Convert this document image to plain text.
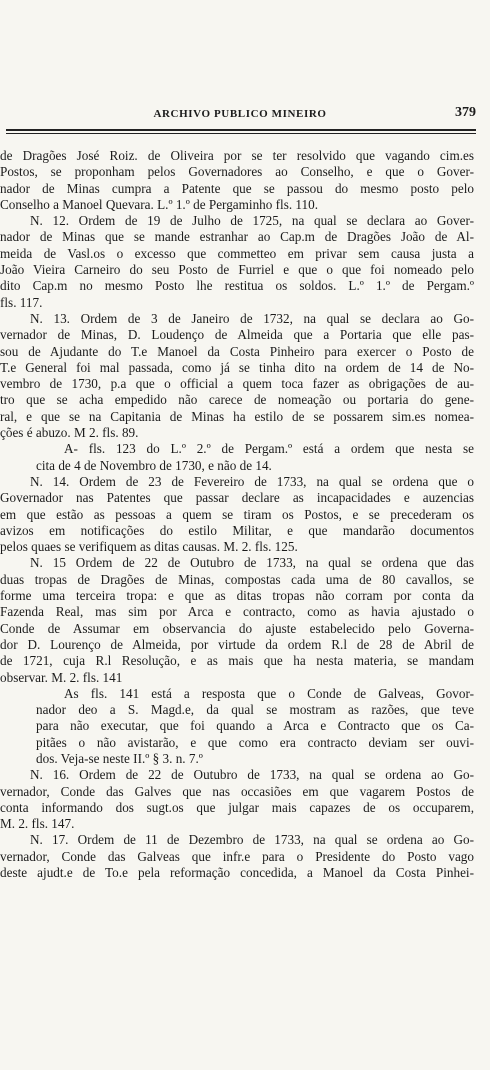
ARCHIVO PUBLICO MINEIRO	379
de Dragões José Roiz. de Oliveira por se ter resolvido que vagando cim.es
Postos, se proponham pelos Governadores ao Conselho, e que o Gover-
nador de Minas cumpra a Patente que se passou do mesmo posto pelo
Conselho a Manoel Quevara. L.º 1.º de Pergaminho fls. 110.
N. 12. Ordem de 19 de Julho de 1725, na qual se declara ao Gover-
nador de Minas que se mande estranhar ao Cap.m de Dragões João de Al-
meida de Vasl.os o excesso que commetteo em privar sem causa justa a
João Vieira Carneiro do seu Posto de Furriel e que o que foi nomeado pelo
dito Cap.m no mesmo Posto lhe restitua os soldos. L.º 1.º de Pergam.º
fls. 117.
N. 13. Ordem de 3 de Janeiro de 1732, na qual se declara ao Go-
vernador de Minas, D. Loudenço de Almeida que a Portaria que elle pas-
sou de Ajudante do T.e Manoel da Costa Pinheiro para exercer o Posto de
T.e General foi mal passada, como já se tinha dito na ordem de 14 de No-
vembro de 1730, p.a que o official a quem toca fazer as obrigações de au-
tro que se acha empedido não carece de nomeação ou portaria do gene-
ral, e que se na Capitania de Minas ha estilo de se possarem sim.es nomea-
ções é abuzo. M 2. fls. 89.
A- fls. 123 do L.º 2.º de Pergam.º está a ordem que nesta se
cita de 4 de Novembro de 1730, e não de 14.
N. 14. Ordem de 23 de Fevereiro de 1733, na qual se ordena que o
Governador nas Patentes que passar declare as incapacidades e auzencias
em que estão as pessoas a quem se tiram os Postos, e se precederam os
avizos em notificações do estilo Militar, e que mandarão documentos
pelos quaes se verifiquem as ditas causas. M. 2. fls. 125.
N. 15 Ordem de 22 de Outubro de 1733, na qual se ordena que das
duas tropas de Dragões de Minas, compostas cada uma de 80 cavallos, se
forme uma terceira tropa: e que as ditas tropas não corram por conta da
Fazenda Real, mas sim por Arca e contracto, como as havia ajustado o
Conde de Assumar em observancia do ajuste estabelecido pelo Governa-
dor D. Lourenço de Almeida, por virtude da ordem R.l de 28 de Abril de
de 1721, cuja R.l Resolução, e as mais que ha nesta materia, se mandam
observar. M. 2. fls. 141
As fls. 141 está a resposta que o Conde de Galveas, Govor-
nador deo a S. Magd.e, da qual se mostram as razões, que teve
para não executar, que foi quando a Arca e Contracto que os Ca-
pitães o não avistarão, e que como era contracto deviam ser ouvi-
dos. Veja-se neste II.º § 3. n. 7.º
N. 16. Ordem de 22 de Outubro de 1733, na qual se ordena ao Go-
vernador, Conde das Galves que nas occasiões em que vagarem Postos de
conta informando dos sugt.os que julgar mais capazes de os occuparem,
M. 2. fls. 147.
N. 17. Ordem de 11 de Dezembro de 1733, na qual se ordena ao Go-
vernador, Conde das Galveas que infr.e para o Presidente do Posto vago
deste ajudt.e de To.e pela reformação concedida, a Manoel da Costa Pinhei-
